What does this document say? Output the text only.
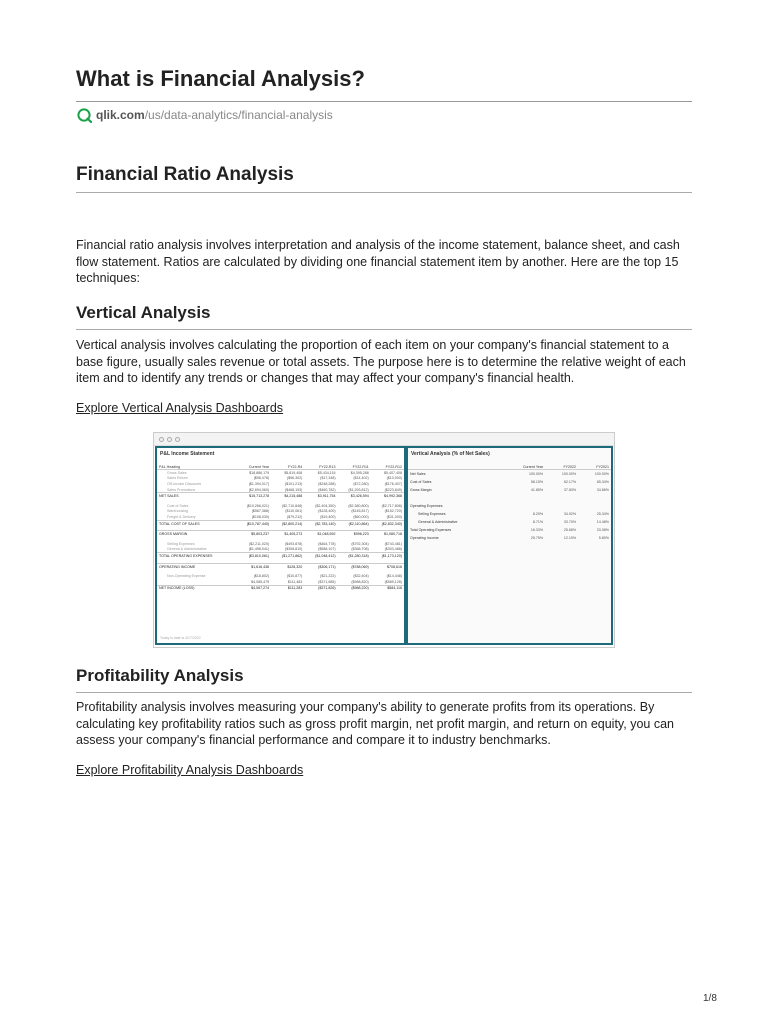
What is Financial Analysis?
qlik.com /us/data-analytics/financial-analysis
Financial Ratio Analysis

Financial ratio analysis involves interpretation and analysis of the income statement, balance sheet, and cash flow statement. Ratios are calculated by dividing one financial statement item by another. Here are the top 15 techniques:

Vertical Analysis

Vertical analysis involves calculating the proportion of each item on your company's financial statement to a base figure, usually sales revenue or total assets. The purpose here is to determine the relative weight of each item and to identify any trends or changes that may affect your company's financial health.

Explore Vertical Analysis Dashboards
P&L Income Statement
P&L Heading	Current Year	FY22-R4	FY22-R13	FY22-R11	FY22-R12
Gross Sales	$18,886,179	$5,819,408	$5,434,116	$4,395,288	$5,407,408
Sales Return	($96,478)	($56,302)	($17,348)	($14,402)	($10,000)
Off-Invoice Discounts	($1,394,017)	($101,213)	($248,288)	($72,280)	($176,407)
Sales Promotions	($2,694,060)	($468,193)	($460,782)	($1,293,812)	($223,849)
NET SALES	$15,713,278	$4,215,488	$3,911,754	$3,426,594	$4,992,368

Cost of Sales	($10,266,021)	($2,710,848)	($2,404,350)	($2,380,800)	($2,717,808)
Warehousing	($567,388)	($110,061)	($128,400)	($145,817)	($152,720)
Freight & Delivery	($108,030)	($79,212)	($19,400)	($60,000)	($31,000)
TOTAL COST OF SALES	($10,787,440)	($2,800,214)	($2,783,140)	($2,110,864)	($2,832,340)

GROSS MARGIN	$5,803,237	$1,405,273	$1,048,592	$996,223	$1,080,718

Selling Expenses	($2,211,020)	($493,878)	($464,778)	($792,304)	($743,481)
General & Administrative	($1,498,041)	($308,810)	($588,107)	($368,708)	($303,488)
TOTAL OPERATING EXPENSES	($3,810,061)	($1,271,862)	($1,048,412)	($1,280,318)	($1,173,120)

OPERATING INCOME	$1,616,436	$128,320	($306,171)	($788,069)	$708,616

Non-Operating Expense	($18,802)	($10,877)	($21,222)	($32,404)	($14,448)
	$4,085,479	$111,483	($371,685)	($988,820)	($589,128)
NET INCOME (LOSS)	$4,067,274	$111,283	($371,826)	($988,220)	$584,116
Today is date is 4/17/2022
Vertical Analysis (% of Net Sales)
	Current Year	FY2022	FY2021
Net Sales	100.00%	100.00%	100.00%
Cost of Sales	58.15%	62.17%	65.34%
Gross Margin	41.85%	37.83%	34.66%

Operating Expenses			
Selling Expenses	8.29%	34.92%	25.34%
General & Administrative	8.71%	33.70%	14.48%
Total Operating Expenses	16.33%	25.68%	33.08%
Operating Income	25.75%	12.15%	5.80%
Profitability Analysis

Profitability analysis involves measuring your company's ability to generate profits from its operations. By calculating key profitability ratios such as gross profit margin, net profit margin, and return on equity, you can assess your company's financial performance and compare it to industry benchmarks.

Explore Profitability Analysis Dashboards
1/8
